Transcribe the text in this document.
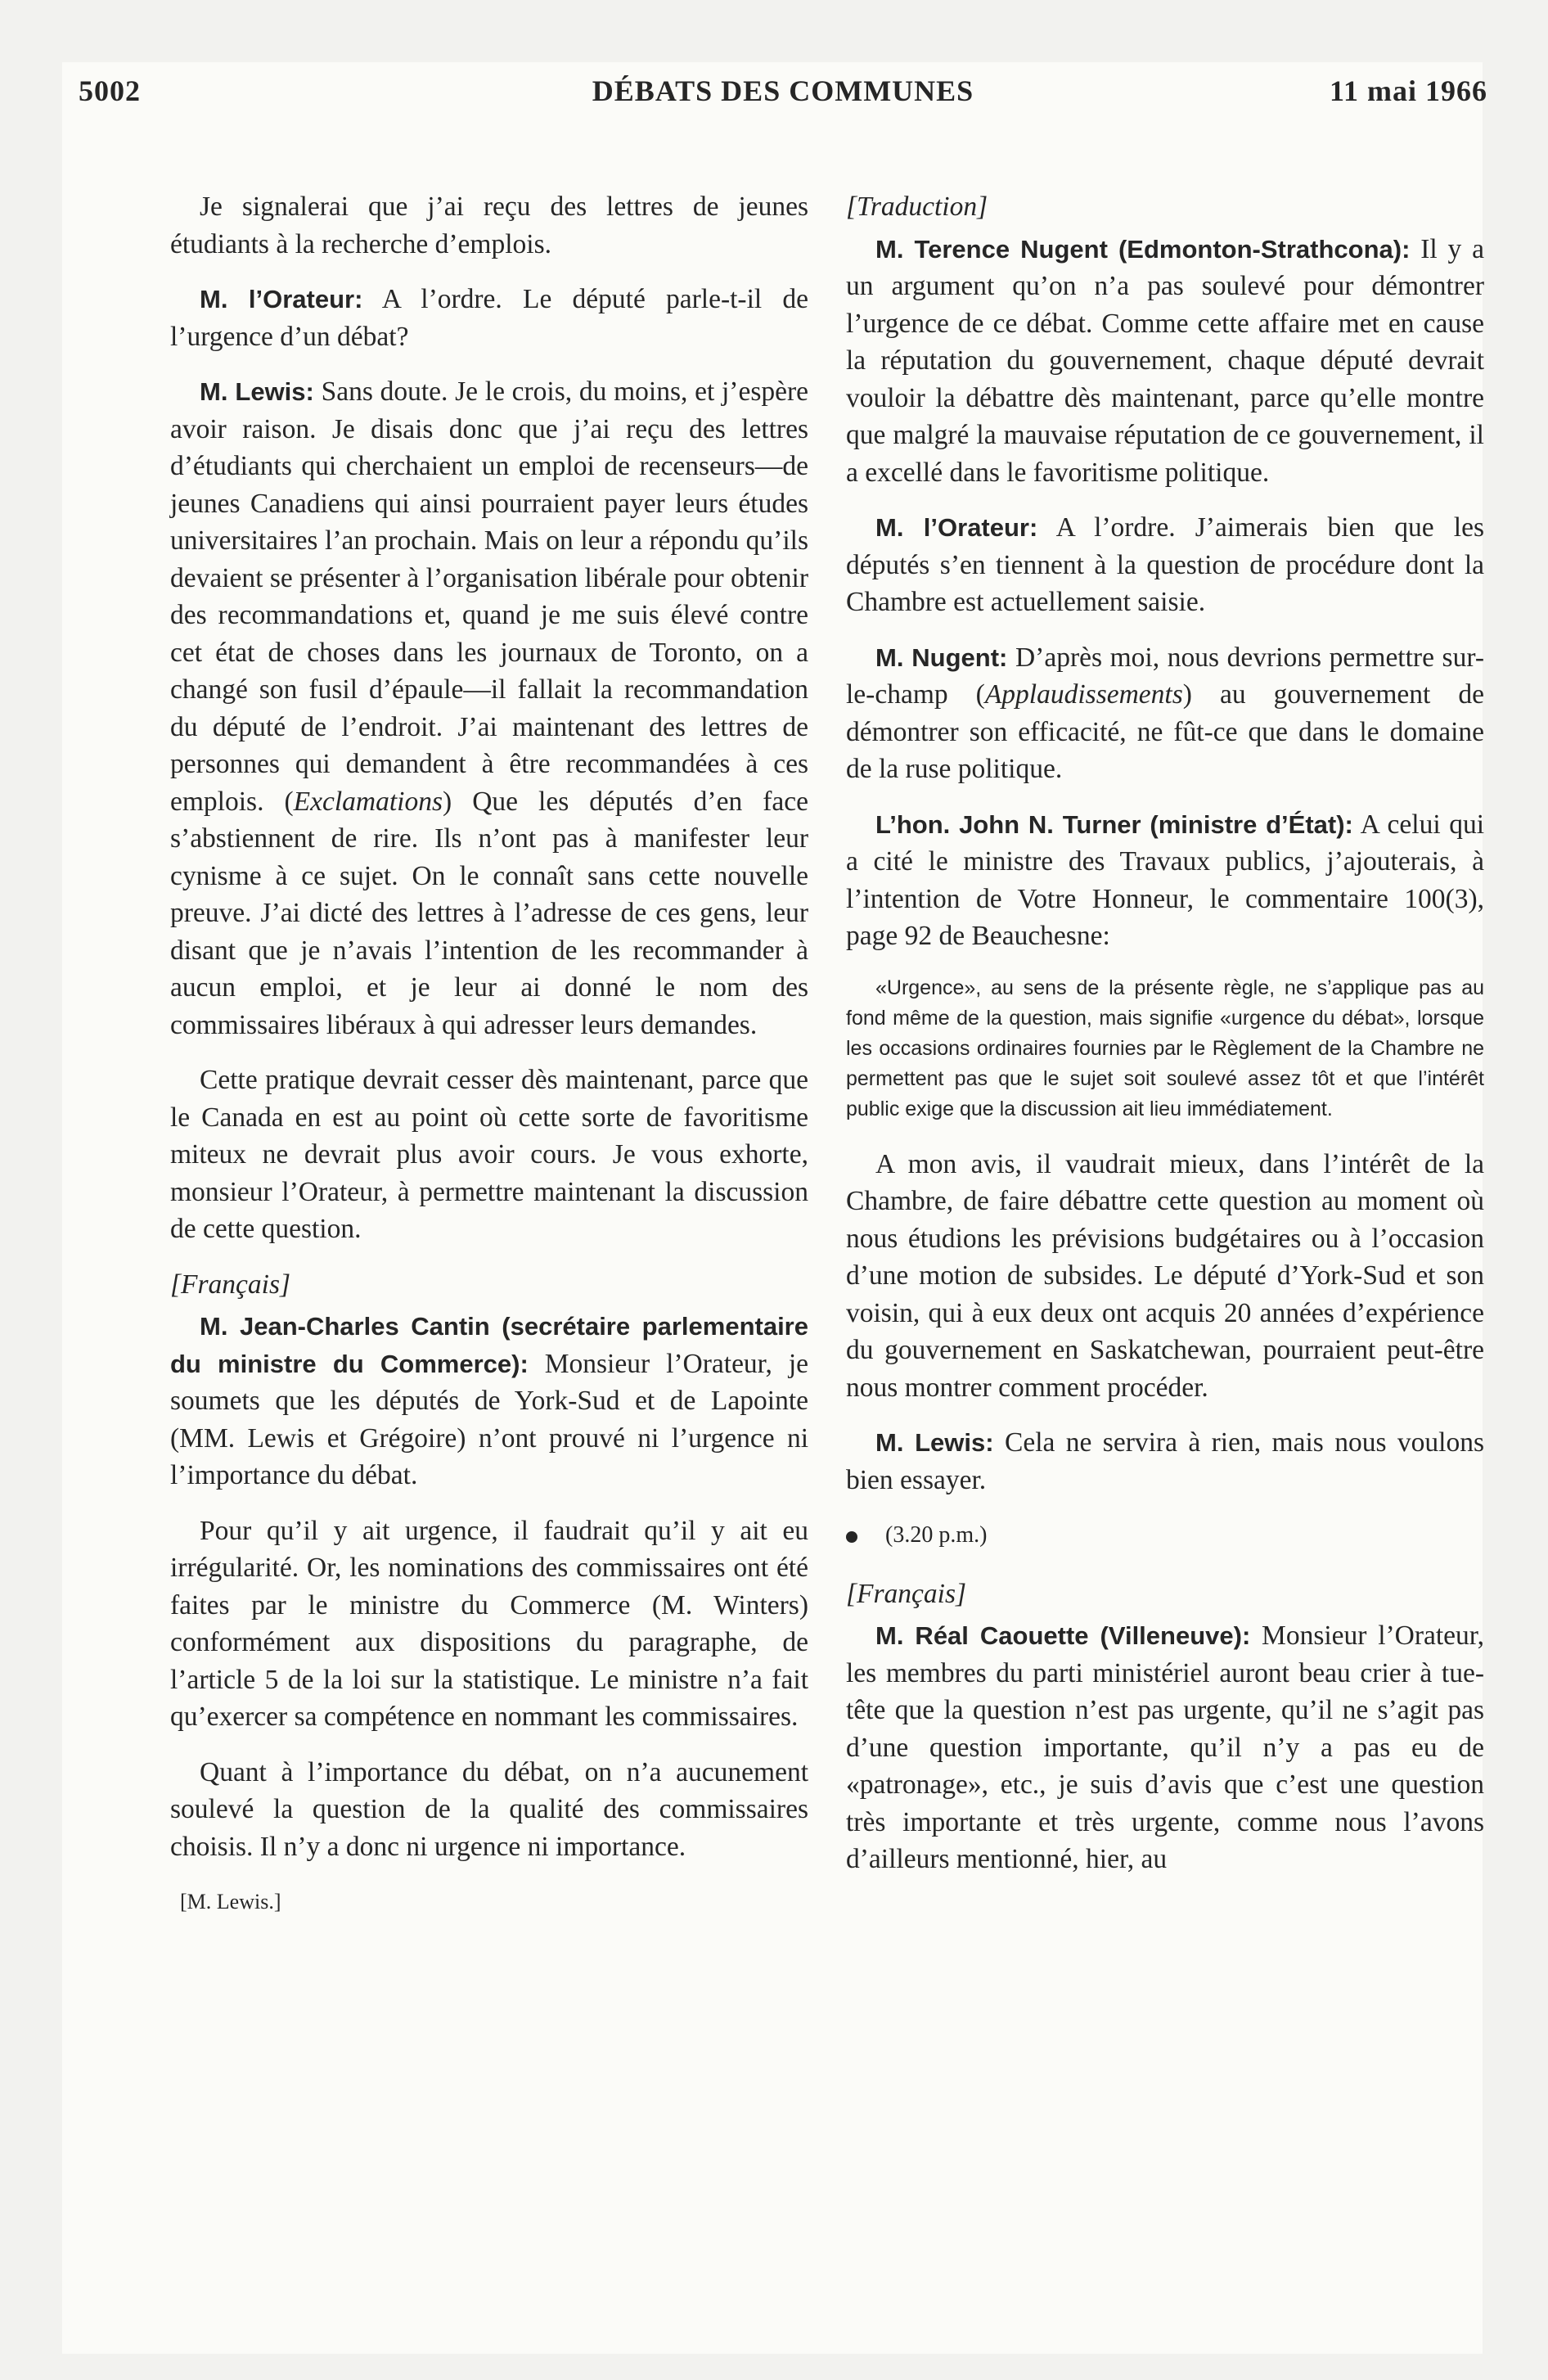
5002	DÉBATS DES COMMUNES	11 mai 1966

Je signalerai que j’ai reçu des lettres de jeunes étudiants à la recherche d’emplois.

M. l’Orateur: A l’ordre. Le député parle-t-il de l’urgence d’un débat?

M. Lewis: Sans doute. Je le crois, du moins, et j’espère avoir raison. Je disais donc que j’ai reçu des lettres d’étudiants qui cherchaient un emploi de recenseurs—de jeunes Canadiens qui ainsi pourraient payer leurs études universitaires l’an prochain. Mais on leur a répondu qu’ils devaient se présenter à l’organisation libérale pour obtenir des recommandations et, quand je me suis élevé contre cet état de choses dans les journaux de Toronto, on a changé son fusil d’épaule—il fallait la recommandation du député de l’endroit. J’ai maintenant des lettres de personnes qui demandent à être recommandées à ces emplois. (Exclamations) Que les députés d’en face s’abstiennent de rire. Ils n’ont pas à manifester leur cynisme à ce sujet. On le connaît sans cette nouvelle preuve. J’ai dicté des lettres à l’adresse de ces gens, leur disant que je n’avais l’intention de les recommander à aucun emploi, et je leur ai donné le nom des commissaires libéraux à qui adresser leurs demandes.

Cette pratique devrait cesser dès maintenant, parce que le Canada en est au point où cette sorte de favoritisme miteux ne devrait plus avoir cours. Je vous exhorte, monsieur l’Orateur, à permettre maintenant la discussion de cette question.

[Français]

M. Jean-Charles Cantin (secrétaire parlementaire du ministre du Commerce): Monsieur l’Orateur, je soumets que les députés de York-Sud et de Lapointe (MM. Lewis et Grégoire) n’ont prouvé ni l’urgence ni l’importance du débat.

Pour qu’il y ait urgence, il faudrait qu’il y ait eu irrégularité. Or, les nominations des commissaires ont été faites par le ministre du Commerce (M. Winters) conformément aux dispositions du paragraphe, de l’article 5 de la loi sur la statistique. Le ministre n’a fait qu’exercer sa compétence en nommant les commissaires.

Quant à l’importance du débat, on n’a aucunement soulevé la question de la qualité des commissaires choisis. Il n’y a donc ni urgence ni importance.

[M. Lewis.]

[Traduction]

M. Terence Nugent (Edmonton-Strathcona): Il y a un argument qu’on n’a pas soulevé pour démontrer l’urgence de ce débat. Comme cette affaire met en cause la réputation du gouvernement, chaque député devrait vouloir la débattre dès maintenant, parce qu’elle montre que malgré la mauvaise réputation de ce gouvernement, il a excellé dans le favoritisme politique.

M. l’Orateur: A l’ordre. J’aimerais bien que les députés s’en tiennent à la question de procédure dont la Chambre est actuellement saisie.

M. Nugent: D’après moi, nous devrions permettre sur-le-champ (Applaudissements) au gouvernement de démontrer son efficacité, ne fût-ce que dans le domaine de la ruse politique.

L’hon. John N. Turner (ministre d’État): A celui qui a cité le ministre des Travaux publics, j’ajouterais, à l’intention de Votre Honneur, le commentaire 100(3), page 92 de Beauchesne:

«Urgence», au sens de la présente règle, ne s’applique pas au fond même de la question, mais signifie «urgence du débat», lorsque les occasions ordinaires fournies par le Règlement de la Chambre ne permettent pas que le sujet soit soulevé assez tôt et que l’intérêt public exige que la discussion ait lieu immédiatement.

A mon avis, il vaudrait mieux, dans l’intérêt de la Chambre, de faire débattre cette question au moment où nous étudions les prévisions budgétaires ou à l’occasion d’une motion de subsides. Le député d’York-Sud et son voisin, qui à eux deux ont acquis 20 années d’expérience du gouvernement en Saskatchewan, pourraient peut-être nous montrer comment procéder.

M. Lewis: Cela ne servira à rien, mais nous voulons bien essayer.

(3.20 p.m.)

[Français]

M. Réal Caouette (Villeneuve): Monsieur l’Orateur, les membres du parti ministériel auront beau crier à tue-tête que la question n’est pas urgente, qu’il ne s’agit pas d’une question importante, qu’il n’y a pas eu de «patronage», etc., je suis d’avis que c’est une question très importante et très urgente, comme nous l’avons d’ailleurs mentionné, hier, au
